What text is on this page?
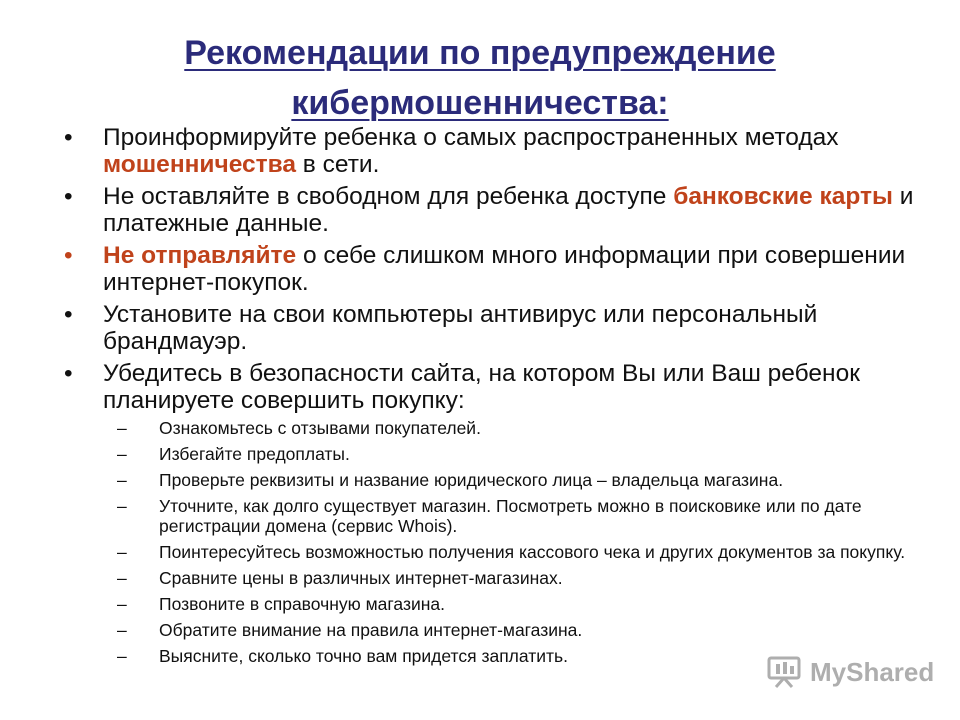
Рекомендации по предупреждение
кибермошенничества:
•	Проинформируйте ребенка о самых распространенных методах мошенничества в сети.
•	Не оставляйте в свободном для ребенка доступе банковские карты и платежные данные.
•	Не отправляйте о себе слишком много информации при совершении интернет-покупок.
•	Установите на свои компьютеры антивирус или персональный брандмауэр.
•	Убедитесь в безопасности сайта, на котором Вы или Ваш ребенок планируете совершить покупку:
– Ознакомьтесь с отзывами покупателей.
– Избегайте предоплаты.
– Проверьте реквизиты и название юридического лица – владельца магазина.
– Уточните, как долго существует магазин. Посмотреть можно в поисковике или по дате регистрации домена (сервис Whois).
– Поинтересуйтесь возможностью получения кассового чека и других документов за покупку.
– Сравните цены в различных интернет-магазинах.
– Позвоните в справочную магазина.
– Обратите внимание на правила интернет-магазина.
– Выясните, сколько точно вам придется заплатить.
MyShared
